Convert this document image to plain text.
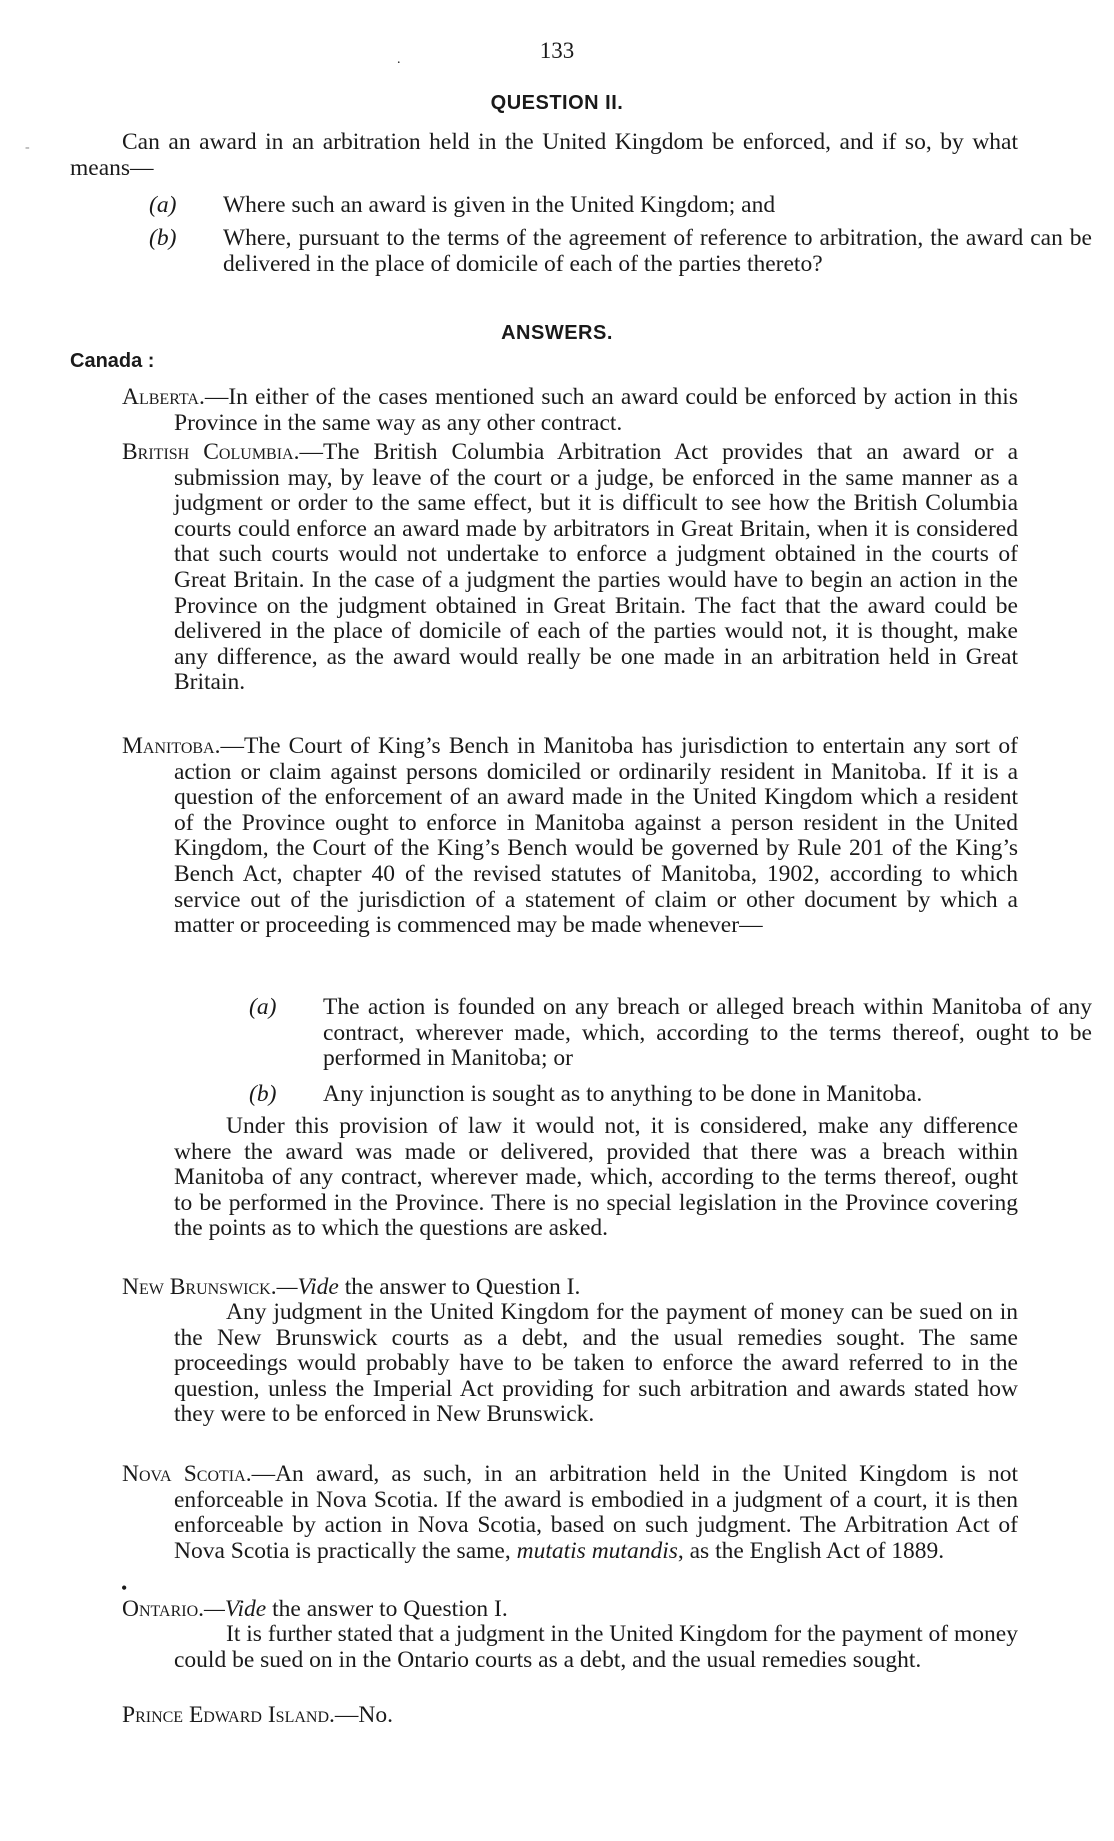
.	133
-
QUESTION II.
Can an award in an arbitration held in the United Kingdom be enforced, and if so, by what means—
(a) Where such an award is given in the United Kingdom; and
(b) Where, pursuant to the terms of the agreement of reference to arbitration, the award can be delivered in the place of domicile of each of the parties thereto?
ANSWERS.
Canada :
Alberta.—In either of the cases mentioned such an award could be enforced by action in this Province in the same way as any other contract.
British Columbia.—The British Columbia Arbitration Act provides that an award or a submission may, by leave of the court or a judge, be enforced in the same manner as a judgment or order to the same effect, but it is difficult to see how the British Columbia courts could enforce an award made by arbitrators in Great Britain, when it is considered that such courts would not undertake to enforce a judgment obtained in the courts of Great Britain. In the case of a judgment the parties would have to begin an action in the Province on the judgment obtained in Great Britain. The fact that the award could be delivered in the place of domicile of each of the parties would not, it is thought, make any difference, as the award would really be one made in an arbitration held in Great Britain.
Manitoba.—The Court of King’s Bench in Manitoba has jurisdiction to entertain any sort of action or claim against persons domiciled or ordinarily resident in Manitoba. If it is a question of the enforcement of an award made in the United Kingdom which a resident of the Province ought to enforce in Manitoba against a person resident in the United Kingdom, the Court of the King’s Bench would be governed by Rule 201 of the King’s Bench Act, chapter 40 of the revised statutes of Manitoba, 1902, according to which service out of the jurisdiction of a statement of claim or other document by which a matter or proceeding is commenced may be made whenever—
(a) The action is founded on any breach or alleged breach within Manitoba of any contract, wherever made, which, according to the terms thereof, ought to be performed in Manitoba; or
(b) Any injunction is sought as to anything to be done in Manitoba.
Under this provision of law it would not, it is considered, make any difference where the award was made or delivered, provided that there was a breach within Manitoba of any contract, wherever made, which, according to the terms thereof, ought to be performed in the Province. There is no special legislation in the Province covering the points as to which the questions are asked.
New Brunswick.—Vide the answer to Question I.
Any judgment in the United Kingdom for the payment of money can be sued on in the New Brunswick courts as a debt, and the usual remedies sought. The same proceedings would probably have to be taken to enforce the award referred to in the question, unless the Imperial Act providing for such arbitration and awards stated how they were to be enforced in New Brunswick.
Nova Scotia.—An award, as such, in an arbitration held in the United Kingdom is not enforceable in Nova Scotia. If the award is embodied in a judgment of a court, it is then enforceable by action in Nova Scotia, based on such judgment. The Arbitration Act of Nova Scotia is practically the same, mutatis mutandis, as the English Act of 1889.
•
Ontario.—Vide the answer to Question I.
It is further stated that a judgment in the United Kingdom for the payment of money could be sued on in the Ontario courts as a debt, and the usual remedies sought.
Prince Edward Island.—No.
